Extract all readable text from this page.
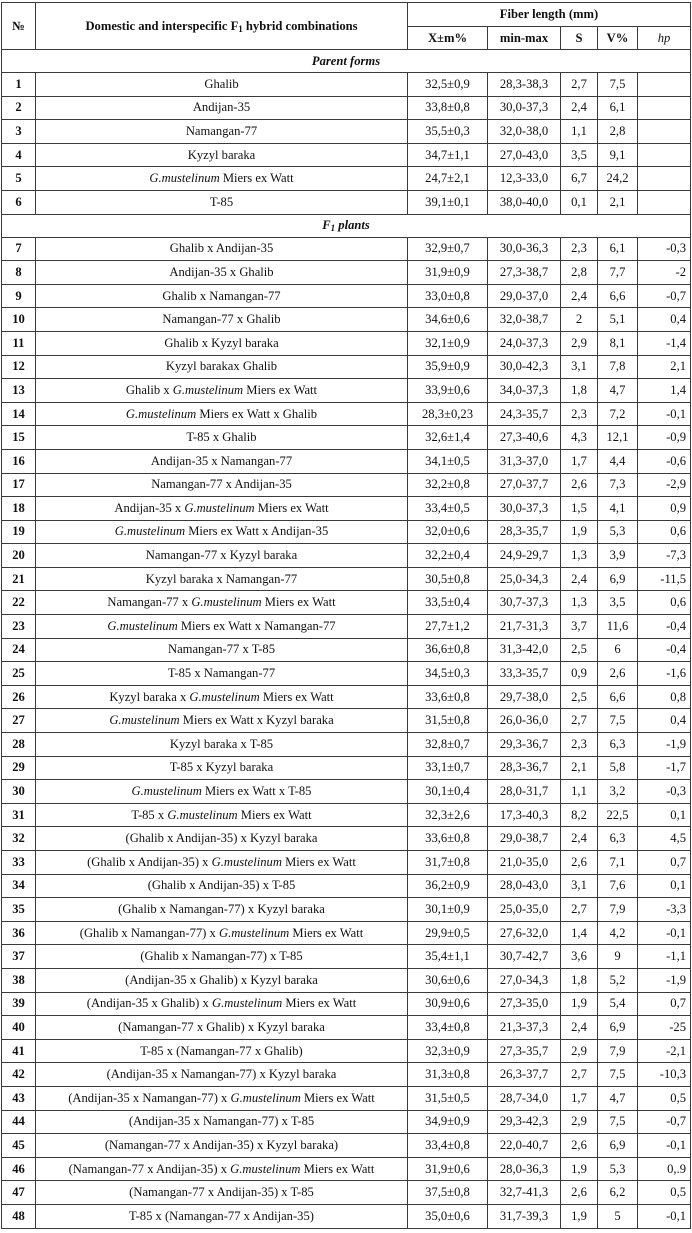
№	Domestic and interspecific $F_1$ hybrid combinations	Fiber length (mm)				
		X±m%	min-max	S	V%	hp
Parent forms						
1	Ghalib	32,5±0,9	28,3-38,3	2,7	7,5	
2	Andijan-35	33,8±0,8	30,0-37,3	2,4	6,1	
3	Namangan-77	35,5±0,3	32,0-38,0	1,1	2,8	
4	Kyzyl baraka	34,7±1,1	27,0-43,0	3,5	9,1	
5	G.mustelinum Miers ex Watt	24,7±2,1	12,3-33,0	6,7	24,2	
6	T-85	39,1±0,1	38,0-40,0	0,1	2,1	
$F_1$ plants						
7	Ghalib x Andijan-35	32,9±0,7	30,0-36,3	2,3	6,1	-0,3
8	Andijan-35 x Ghalib	31,9±0,9	27,3-38,7	2,8	7,7	-2
9	Ghalib x Namangan-77	33,0±0,8	29,0-37,0	2,4	6,6	-0,7
10	Namangan-77 x Ghalib	34,6±0,6	32,0-38,7	2	5,1	0,4
11	Ghalib x Kyzyl baraka	32,1±0,9	24,0-37,3	2,9	8,1	-1,4
12	Kyzyl barakax Ghalib	35,9±0,9	30,0-42,3	3,1	7,8	2,1
13	Ghalib x G.mustelinum Miers ex Watt	33,9±0,6	34,0-37,3	1,8	4,7	1,4
14	G.mustelinum Miers ex Watt x Ghalib	28,3±0,23	24,3-35,7	2,3	7,2	-0,1
15	T-85 x Ghalib	32,6±1,4	27,3-40,6	4,3	12,1	-0,9
16	Andijan-35 x Namangan-77	34,1±0,5	31,3-37,0	1,7	4,4	-0,6
17	Namangan-77 x Andijan-35	32,2±0,8	27,0-37,7	2,6	7,3	-2,9
18	Andijan-35 x G.mustelinum Miers ex Watt	33,4±0,5	30,0-37,3	1,5	4,1	0,9
19	G.mustelinum Miers ex Watt x Andijan-35	32,0±0,6	28,3-35,7	1,9	5,3	0,6
20	Namangan-77 x Kyzyl baraka	32,2±0,4	24,9-29,7	1,3	3,9	-7,3
21	Kyzyl baraka x Namangan-77	30,5±0,8	25,0-34,3	2,4	6,9	-11,5
22	Namangan-77 x G.mustelinum Miers ex Watt	33,5±0,4	30,7-37,3	1,3	3,5	0,6
23	G.mustelinum Miers ex Watt x Namangan-77	27,7±1,2	21,7-31,3	3,7	11,6	-0,4
24	Namangan-77 x T-85	36,6±0,8	31,3-42,0	2,5	6	-0,4
25	T-85 x Namangan-77	34,5±0,3	33,3-35,7	0,9	2,6	-1,6
26	Kyzyl baraka x G.mustelinum Miers ex Watt	33,6±0,8	29,7-38,0	2,5	6,6	0,8
27	G.mustelinum Miers ex Watt x Kyzyl baraka	31,5±0,8	26,0-36,0	2,7	7,5	0,4
28	Kyzyl baraka x T-85	32,8±0,7	29,3-36,7	2,3	6,3	-1,9
29	T-85 x Kyzyl baraka	33,1±0,7	28,3-36,7	2,1	5,8	-1,7
30	G.mustelinum Miers ex Watt x T-85	30,1±0,4	28,0-31,7	1,1	3,2	-0,3
31	T-85 x G.mustelinum Miers ex Watt	32,3±2,6	17,3-40,3	8,2	22,5	0,1
32	(Ghalib x Andijan-35) x Kyzyl baraka	33,6±0,8	29,0-38,7	2,4	6,3	4,5
33	(Ghalib x Andijan-35) x G.mustelinum Miers ex Watt	31,7±0,8	21,0-35,0	2,6	7,1	0,7
34	(Ghalib x Andijan-35) x T-85	36,2±0,9	28,0-43,0	3,1	7,6	0,1
35	(Ghalib x Namangan-77) x Kyzyl baraka	30,1±0,9	25,0-35,0	2,7	7,9	-3,3
36	(Ghalib x Namangan-77) x G.mustelinum Miers ex Watt	29,9±0,5	27,6-32,0	1,4	4,2	-0,1
37	(Ghalib x Namangan-77) x T-85	35,4±1,1	30,7-42,7	3,6	9	-1,1
38	(Andijan-35 x Ghalib) x Kyzyl baraka	30,6±0,6	27,0-34,3	1,8	5,2	-1,9
39	(Andijan-35 x Ghalib) x G.mustelinum Miers ex Watt	30,9±0,6	27,3-35,0	1,9	5,4	0,7
40	(Namangan-77 x Ghalib) x Kyzyl baraka	33,4±0,8	21,3-37,3	2,4	6,9	-25
41	T-85 x (Namangan-77 x Ghalib)	32,3±0,9	27,3-35,7	2,9	7,9	-2,1
42	(Andijan-35 x Namangan-77) x Kyzyl baraka	31,3±0,8	26,3-37,7	2,7	7,5	-10,3
43	(Andijan-35 x Namangan-77) x G.mustelinum Miers ex Watt	31,5±0,5	28,7-34,0	1,7	4,7	0,5
44	(Andijan-35 x Namangan-77) x T-85	34,9±0,9	29,3-42,3	2,9	7,5	-0,7
45	(Namangan-77 x Andijan-35) x Kyzyl baraka)	33,4±0,8	22,0-40,7	2,6	6,9	-0,1
46	(Namangan-77 x Andijan-35) x G.mustelinum Miers ex Watt	31,9±0,6	28,0-36,3	1,9	5,3	0,.9
47	(Namangan-77 x Andijan-35) x T-85	37,5±0,8	32,7-41,3	2,6	6,2	0,5
48	T-85 x (Namangan-77 x Andijan-35)	35,0±0,6	31,7-39,3	1,9	5	-0,1
